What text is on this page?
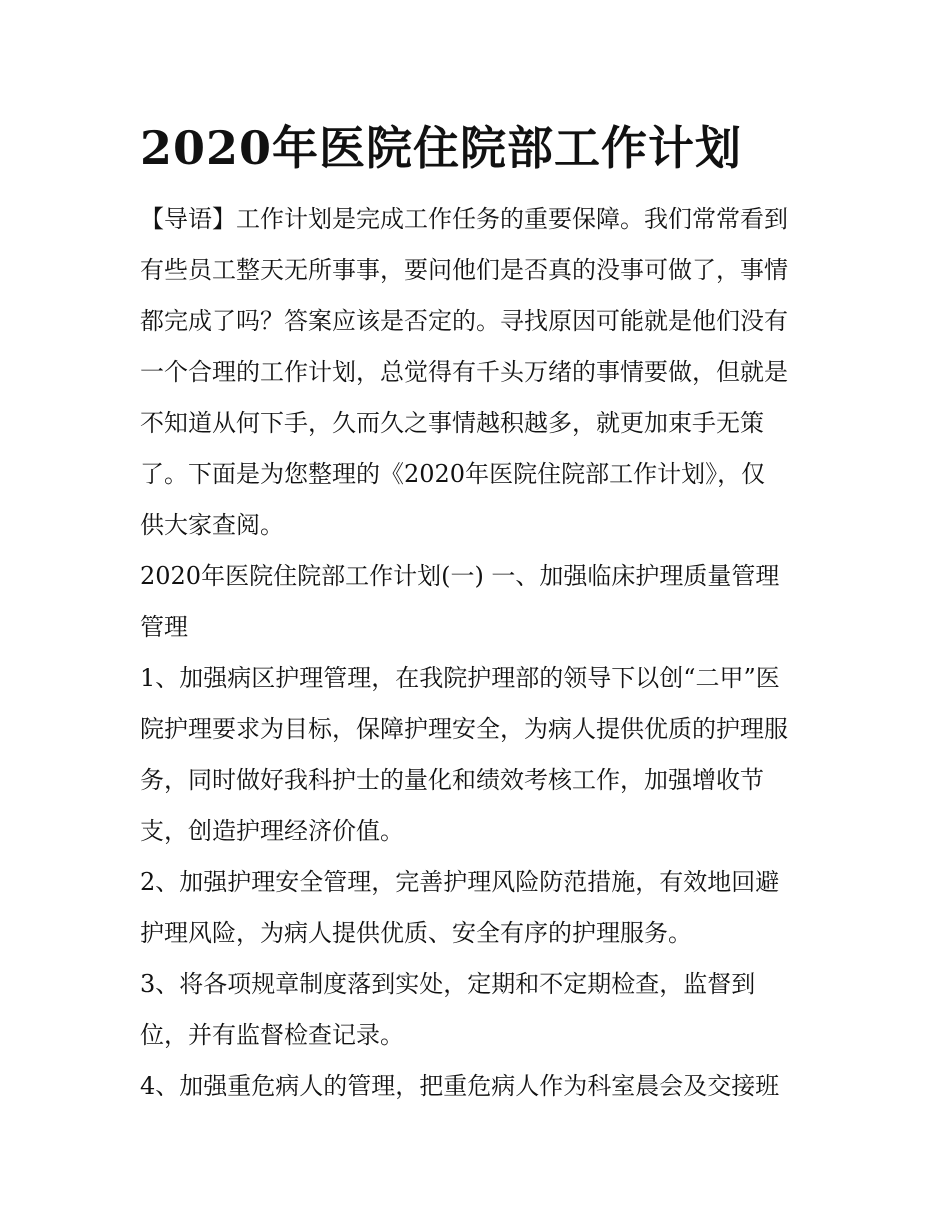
2020年医院住院部工作计划
【导语】工作计划是完成工作任务的重要保障。我们常常看到
有些员工整天无所事事，要问他们是否真的没事可做了，事情
都完成了吗？答案应该是否定的。寻找原因可能就是他们没有
一个合理的工作计划，总觉得有千头万绪的事情要做，但就是
不知道从何下手，久而久之事情越积越多，就更加束手无策
了。下面是为您整理的《2020年医院住院部工作计划》，仅
供大家查阅。
2020年医院住院部工作计划(一) 一、加强临床护理质量管理
管理
1、加强病区护理管理，在我院护理部的领导下以创“二甲”医
院护理要求为目标，保障护理安全，为病人提供优质的护理服
务，同时做好我科护士的量化和绩效考核工作，加强增收节
支，创造护理经济价值。
2、加强护理安全管理，完善护理风险防范措施，有效地回避
护理风险，为病人提供优质、安全有序的护理服务。
3、将各项规章制度落到实处，定期和不定期检查，监督到
位，并有监督检查记录。
4、加强重危病人的管理，把重危病人作为科室晨会及交接班
